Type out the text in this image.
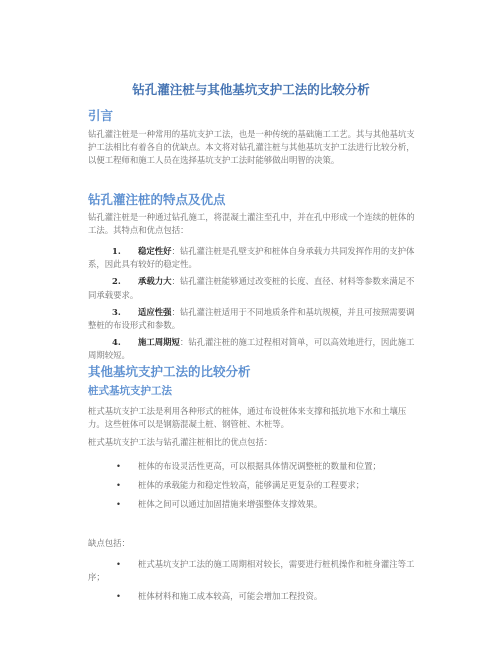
钻孔灌注桩与其他基坑支护工法的比较分析
引言

钻孔灌注桩是一种常用的基坑支护工法，也是一种传统的基础施工工艺。其与其他基坑支护工法相比有着各自的优缺点。本文将对钻孔灌注桩与其他基坑支护工法进行比较分析，以便工程师和施工人员在选择基坑支护工法时能够做出明智的决策。

钻孔灌注桩的特点及优点

钻孔灌注桩是一种通过钻孔施工，将混凝土灌注至孔中，并在孔中形成一个连续的桩体的工法。其特点和优点包括：

1. 稳定性好：钻孔灌注桩是孔壁支护和桩体自身承载力共同发挥作用的支护体系，因此具有较好的稳定性。
2. 承载力大：钻孔灌注桩能够通过改变桩的长度、直径、材料等参数来满足不同承载要求。
3. 适应性强：钻孔灌注桩适用于不同地质条件和基坑规模，并且可按照需要调整桩的布设形式和参数。
4. 施工周期短：钻孔灌注桩的施工过程相对简单，可以高效地进行，因此施工周期较短。
其他基坑支护工法的比较分析
桩式基坑支护工法

桩式基坑支护工法是利用各种形式的桩体，通过布设桩体来支撑和抵抗地下水和土壤压力。这些桩体可以是钢筋混凝土桩、钢管桩、木桩等。

桩式基坑支护工法与钻孔灌注桩相比的优点包括：

• 桩体的布设灵活性更高，可以根据具体情况调整桩的数量和位置；
• 桩体的承载能力和稳定性较高，能够满足更复杂的工程要求；
• 桩体之间可以通过加固措施来增强整体支撑效果。

缺点包括：

• 桩式基坑支护工法的施工周期相对较长，需要进行桩机操作和桩身灌注等工序；
• 桩体材料和施工成本较高，可能会增加工程投资。
